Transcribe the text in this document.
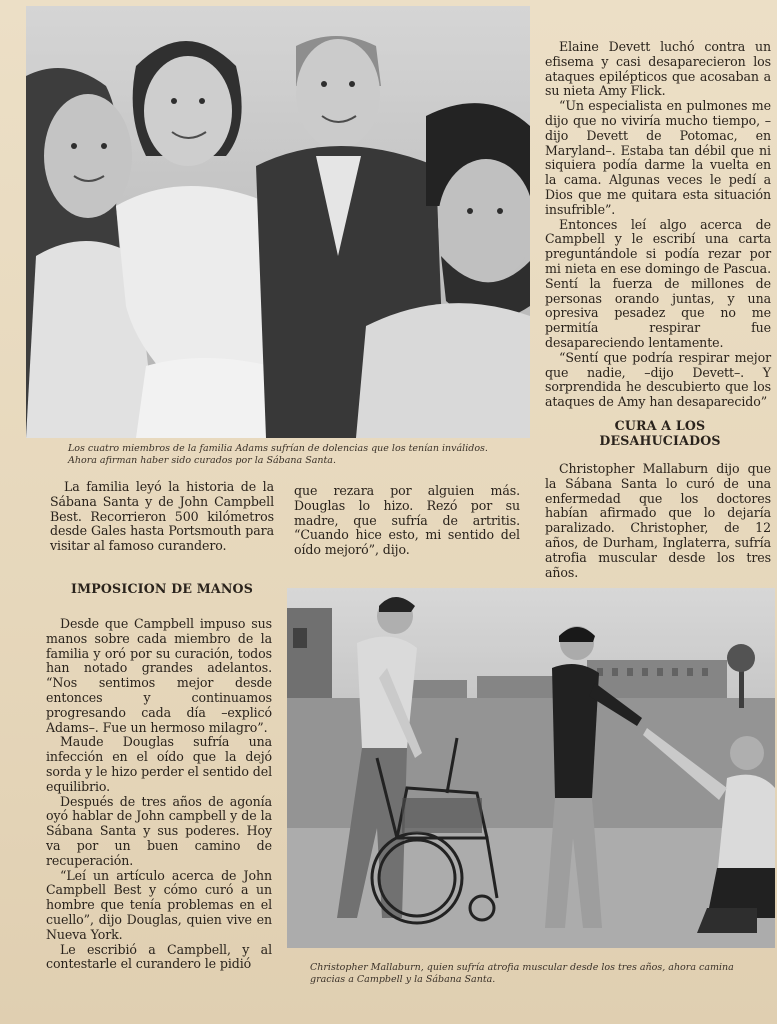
Los cuatro miembros de la familia Adams sufrían de dolencias que los tenían inválidos. Ahora afirman haber sido curados por la Sábana Santa.

Elaine Devett luchó contra un efisema y casi desaparecieron los ataques epilépticos que acosaban a su nieta Amy Flick.

“Un especialista en pulmones me dijo que no viviría mucho tiempo, –dijo Devett de Potomac, en Maryland–. Estaba tan débil que ni siquiera podía darme la vuelta en la cama. Algunas veces le pedí a Dios que me quitara esta situación insufrible”.

Entonces leí algo acerca de Campbell y le escribí una carta preguntándole si podía rezar por mi nieta en ese domingo de Pascua. Sentí la fuerza de millones de personas orando juntas, y una opresiva pesadez que no me permitía respirar fue desapareciendo lentamente.

“Sentí que podría respirar mejor que nadie, –dijo Devett–. Y sorprendida he descubierto que los ataques de Amy han desaparecido”

CURA A LOS
DESAHUCIADOS

Christopher Mallaburn dijo que la Sábana Santa lo curó de una enfermedad que los doctores habían afirmado que lo dejaría paralizado. Christopher, de 12 años, de Durham, Inglaterra, sufría atrofia muscular desde los tres años.

La familia leyó la historia de la Sábana Santa y de John Campbell Best. Recorrieron 500 kilómetros desde Gales hasta Portsmouth para visitar al famoso curandero.

IMPOSICION DE MANOS

Desde que Campbell impuso sus manos sobre cada miembro de la familia y oró por su curación, todos han notado grandes adelantos. “Nos sentimos mejor desde entonces y continuamos progresando cada día –explicó Adams–. Fue un hermoso milagro”.

Maude Douglas sufría una infección en el oído que la dejó sorda y le hizo perder el sentido del equilibrio.

Después de tres años de agonía oyó hablar de John campbell y de la Sábana Santa y sus poderes. Hoy va por un buen camino de recuperación.

“Leí un artículo acerca de John Campbell Best y cómo curó a un hombre que tenía problemas en el cuello”, dijo Douglas, quien vive en Nueva York.

Le escribió a Campbell, y al contestarle el curandero le pidió

que rezara por alguien más. Douglas lo hizo. Rezó por su madre, que sufría de artritis. “Cuando hice esto, mi sentido del oído mejoró”, dijo.

Christopher Mallaburn, quien sufría atrofia muscular desde los tres años, ahora camina gracias a Campbell y la Sábana Santa.
